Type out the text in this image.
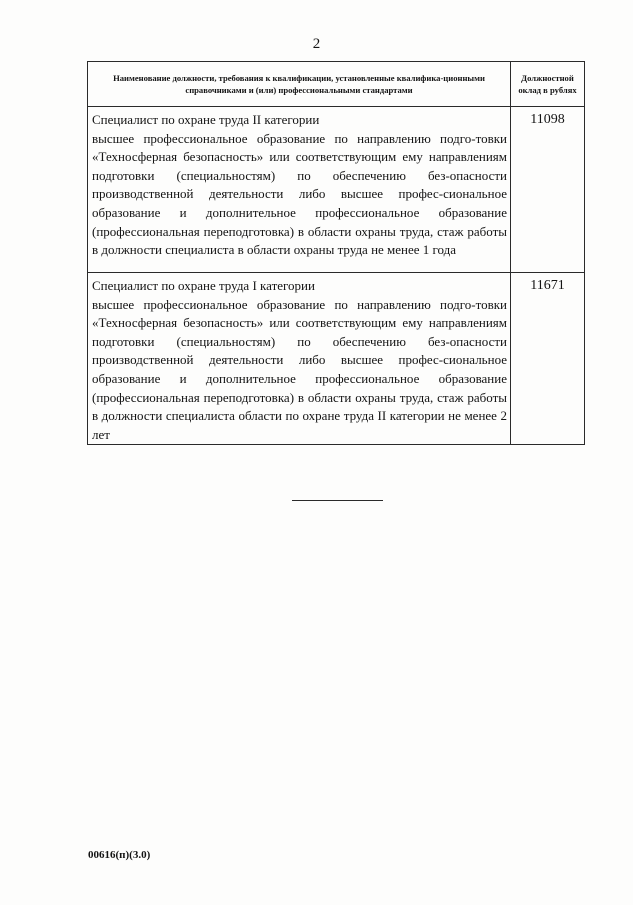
2
Наименование должности, требования к квалификации, установленные квалифика-ционными справочниками и (или) профессиональными стандартами	Должностной оклад в рублях

Специалист по охране труда II категории
высшее профессиональное образование по направлению подго-товки «Техносферная безопасность» или соответствующим ему направлениям подготовки (специальностям) по обеспечению без-опасности производственной деятельности либо высшее профес-сиональное образование и дополнительное профессиональное образование (профессиональная переподготовка) в области охраны труда, стаж работы в должности специалиста в области охраны труда не менее 1 года	11098

Специалист по охране труда I категории
высшее профессиональное образование по направлению подго-товки «Техносферная безопасность» или соответствующим ему направлениям подготовки (специальностям) по обеспечению без-опасности производственной деятельности либо высшее профес-сиональное образование и дополнительное профессиональное образование (профессиональная переподготовка) в области охраны труда, стаж работы в должности специалиста области по охране труда II категории не менее 2 лет	11671
00616(п)(3.0)
